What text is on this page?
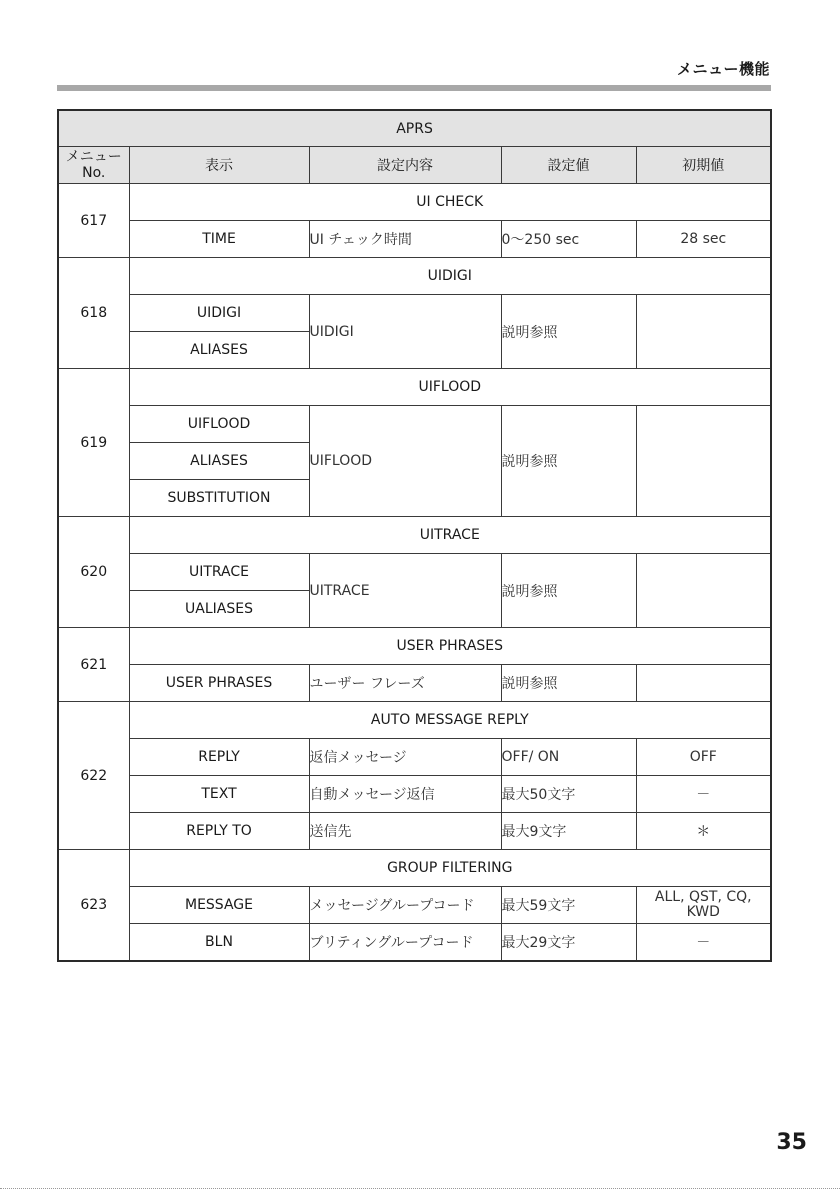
メニュー機能
APRS				

メニュー
No.	表示	設定内容	設定値	初期値
617	UI CHECK			
	TIME	UI チェック時間	0～250 sec	28 sec
618	UIDIGI			
	UIDIGI	UIDIGI	説明参照	
	ALIASES			
619	UIFLOOD			
	UIFLOOD	UIFLOOD	説明参照	
	ALIASES			
	SUBSTITUTION			
620	UITRACE			
	UITRACE	UITRACE	説明参照	
	UALIASES			
621	USER PHRASES			
	USER PHRASES	ユーザー フレーズ	説明参照	
622	AUTO MESSAGE REPLY			
	REPLY	返信メッセージ	OFF/ ON	OFF
	TEXT	自動メッセージ返信	最大50文字	－
	REPLY TO	送信先	最大9文字	＊
623	GROUP FILTERING			
	MESSAGE	メッセージグループコード	最大59文字	ALL, QST, CQ, KWD
	BLN	ブリティングループコード	最大29文字	－
35
